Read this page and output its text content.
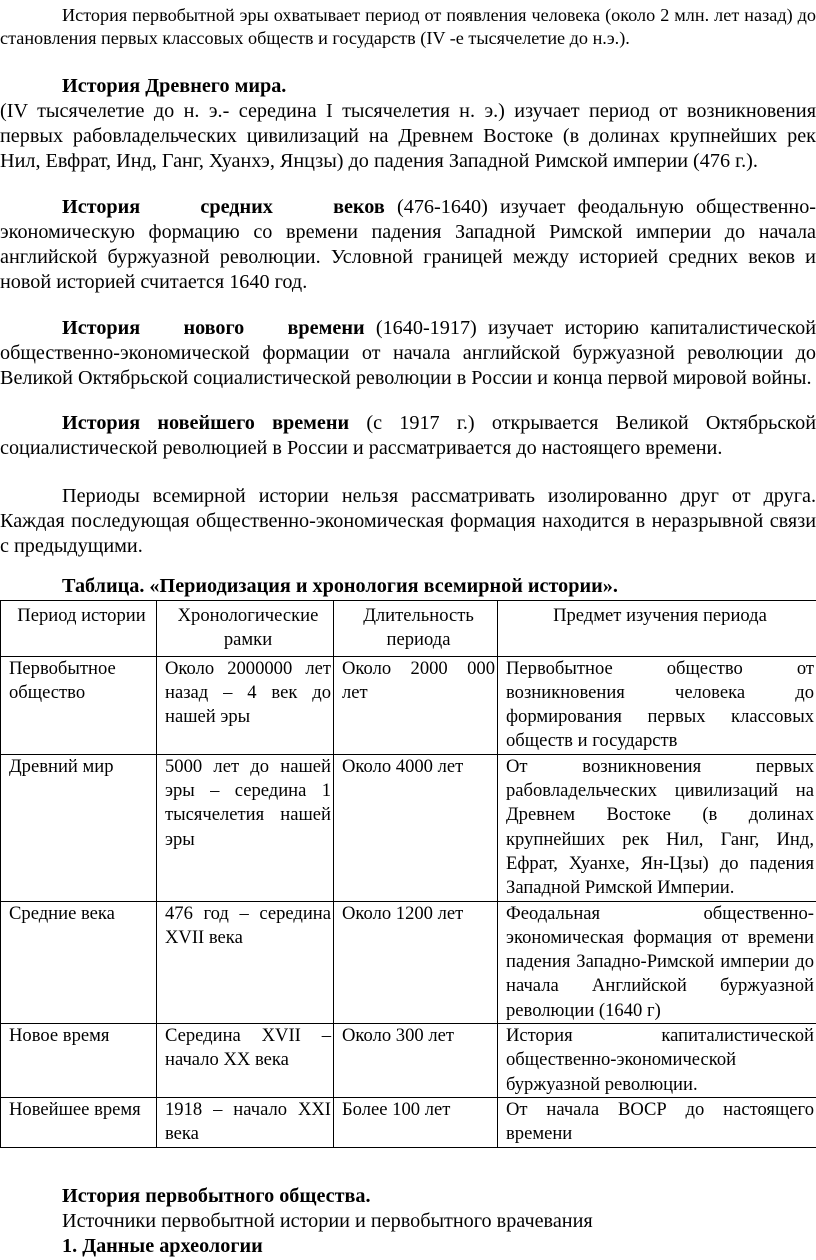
История первобытной эры охватывает период от появления человека (около 2 млн. лет назад) до становления первых классовых обществ и государств (IV -е тысячелетие до н.э.).

История Древнего мира.
(IV тысячелетие до н. э.- середина I тысячелетия н. э.) изучает период от возникновения первых рабовладельческих цивилизаций на Древнем Востоке (в долинах крупнейших рек Нил, Евфрат, Инд, Ганг, Хуанхэ, Янцзы) до падения Западной Римской империи (476 г.).

История средних веков (476-1640) изучает феодальную общественно-экономическую формацию со времени падения Западной Римской империи до начала английской буржуазной революции. Условной границей между историей средних веков и новой историей считается 1640 год.

История нового времени (1640-1917) изучает историю капиталистической общественно-экономической формации от начала английской буржуазной революции до Великой Октябрьской социалистической революции в России и конца первой мировой войны.

История новейшего времени (с 1917 г.) открывается Великой Октябрьской социалистической революцией в России и рассматривается до настоящего времени.

Периоды всемирной истории нельзя рассматривать изолированно друг от друга. Каждая последующая общественно-экономическая формация находится в неразрывной связи с предыдущими.

Таблица. «Периодизация и хронология всемирной истории».
Период истории	Хронологические рамки	Длительность периода	Предмет изучения периода
Первобытное общество	Около 2000000 лет назад – 4 век до нашей эры	Около 2000 000 лет	Первобытное общество от возникновения человека до формирования первых классовых обществ и государств
Древний мир	5000 лет до нашей эры – середина 1 тысячелетия нашей эры	Около 4000 лет	От возникновения первых рабовладельческих цивилизаций на Древнем Востоке (в долинах крупнейших рек Нил, Ганг, Инд, Ефрат, Хуанхе, Ян-Цзы) до падения Западной Римской Империи.
Средние века	476 год – середина XVII века	Около 1200 лет	Феодальная общественно-экономическая формация от времени падения Западно-Римской империи до начала Английской буржуазной революции (1640 г)
Новое время	Середина XVII – начало XX века	Около 300 лет	История капиталистической общественно-экономической буржуазной революции.
Новейшее время	1918 – начало XXI века	Более 100 лет	От начала ВОСР до настоящего времени
История первобытного общества.
Источники первобытной истории и первобытного врачевания
1. Данные археологии
